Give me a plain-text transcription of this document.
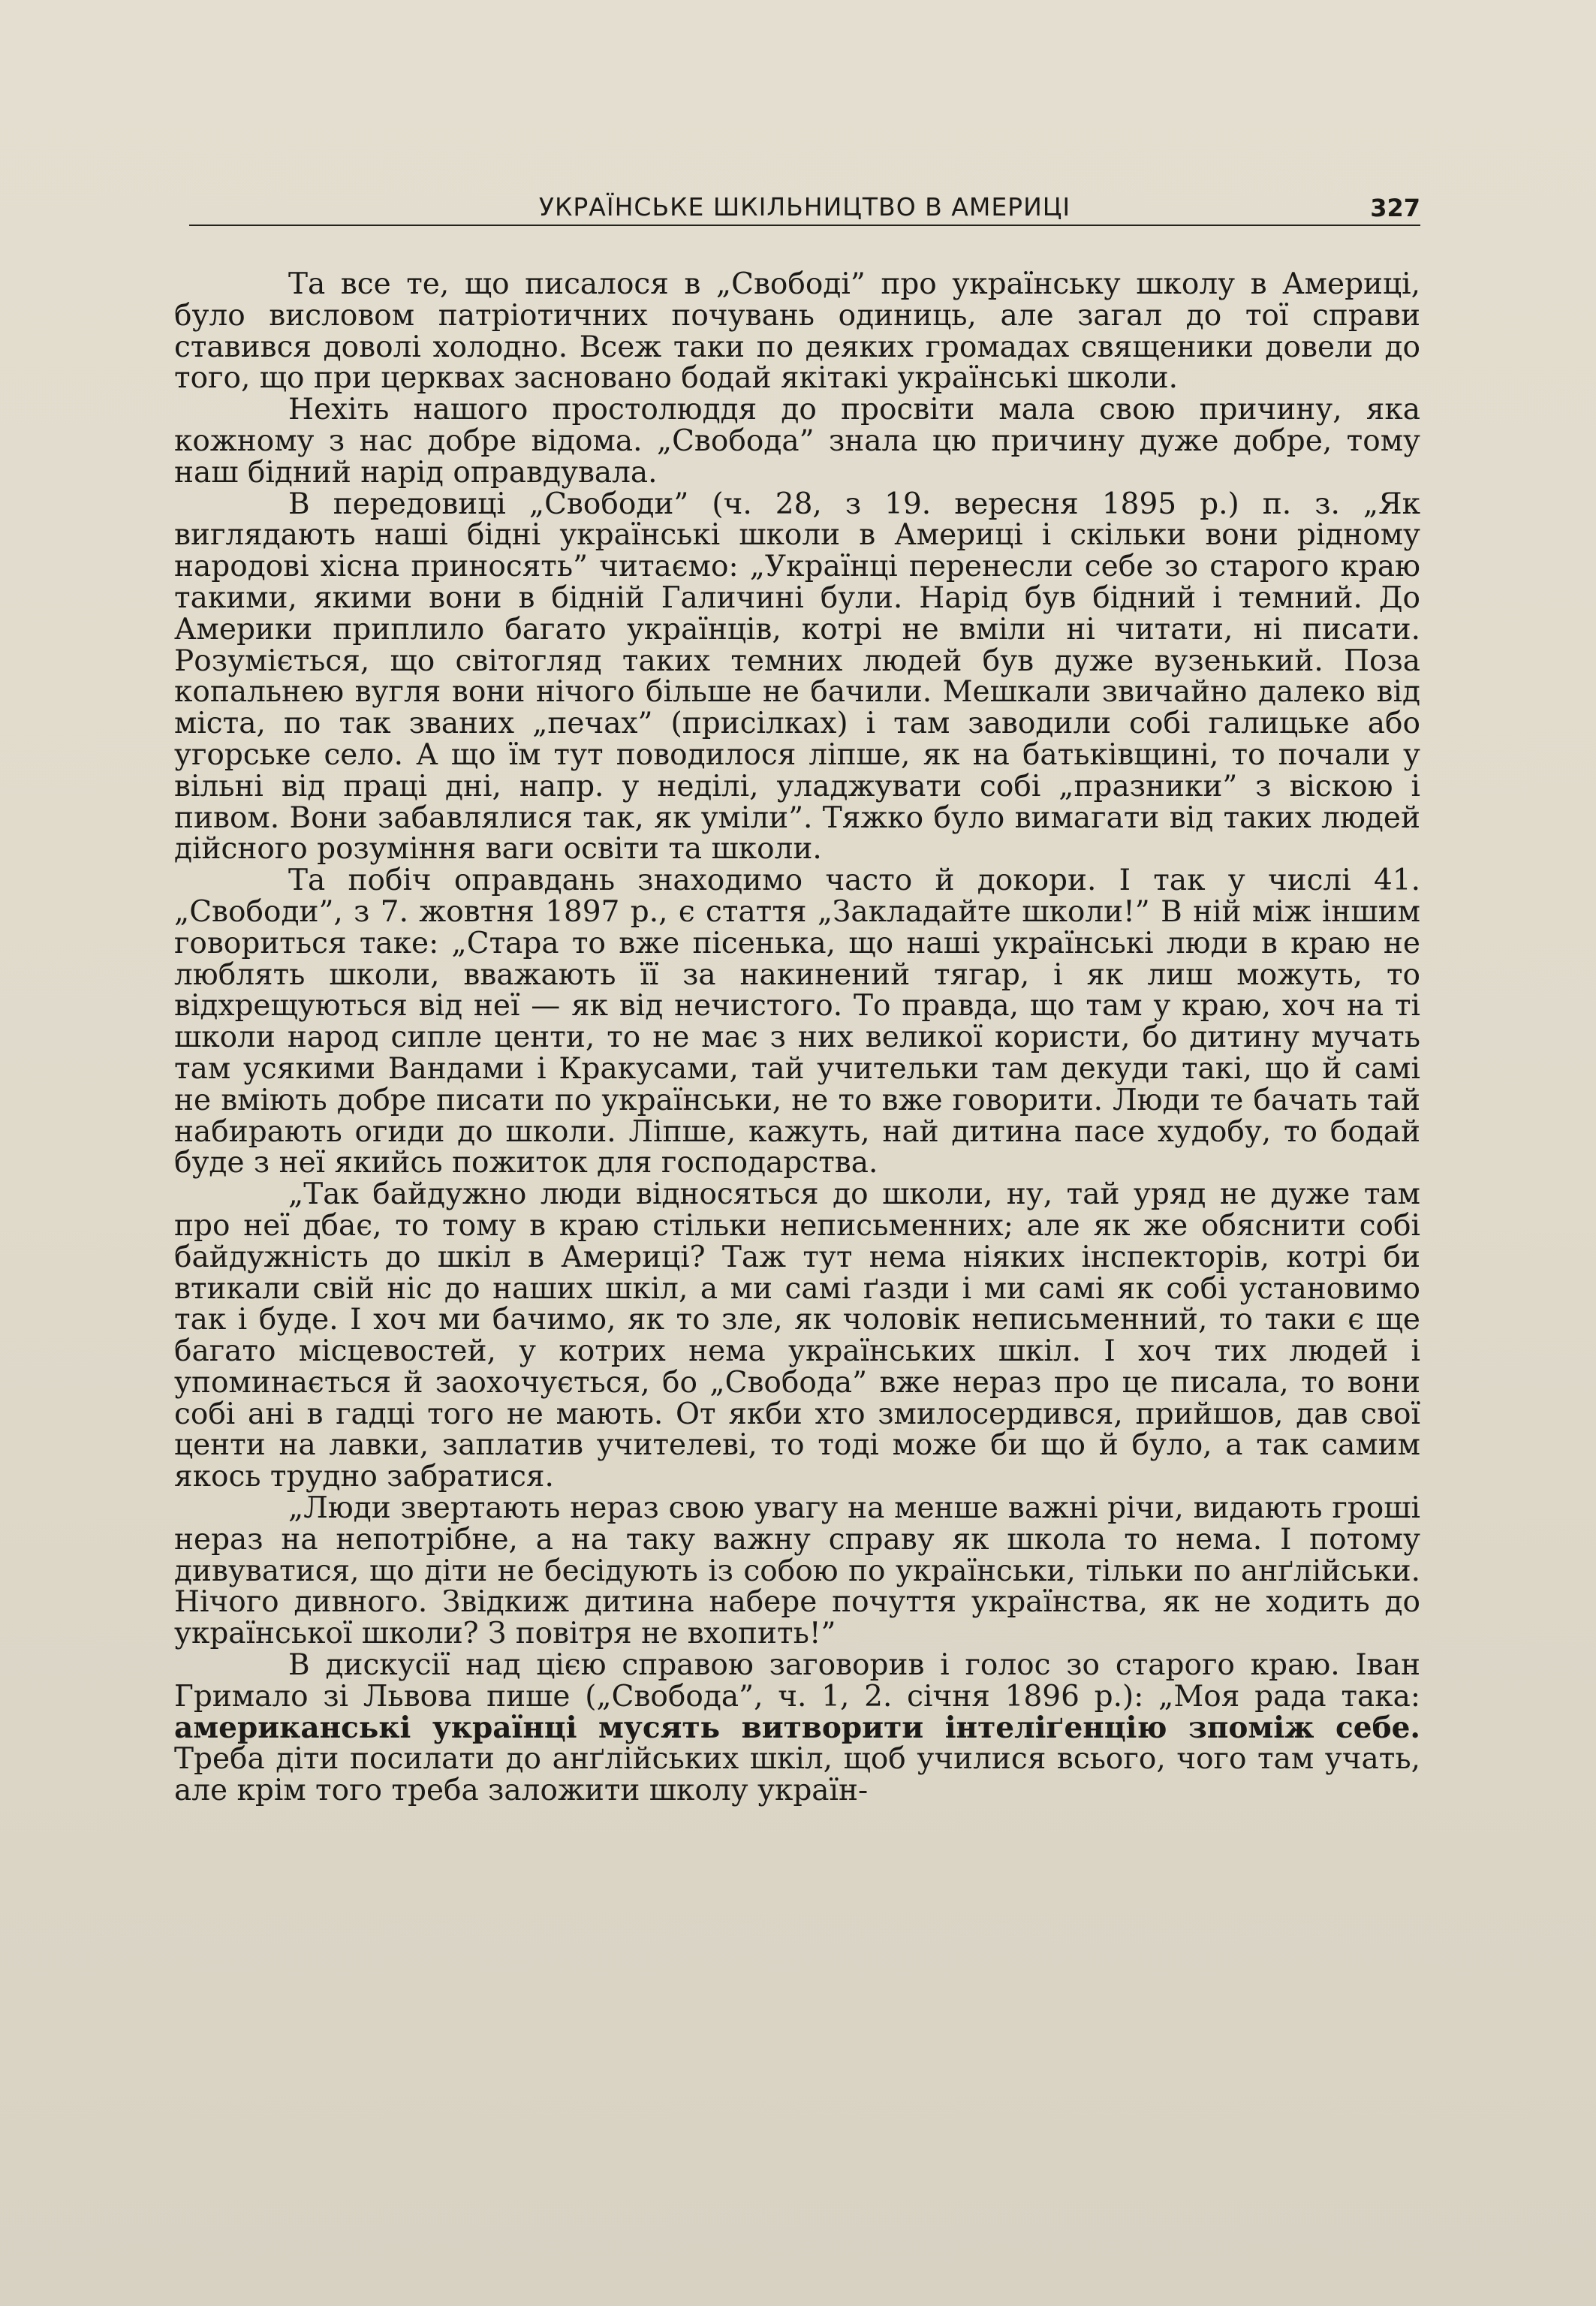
УКРАЇНСЬКЕ ШКІЛЬНИЦТВО В АМЕРИЦІ	327

Та все те, що писалося в „Свободі” про українську школу в Америці, було висловом патріотичних почувань одиниць, але загал до тої справи ставився доволі холодно. Всеж таки по деяких громадах священики довели до того, що при церквах засновано бодай якітакі українські школи.

Нехіть нашого простолюддя до просвіти мала свою причину, яка кожному з нас добре відома. „Свобода” знала цю причину дуже добре, тому наш бідний нарід оправдувала.

В передовиці „Свободи” (ч. 28, з 19. вересня 1895 р.) п. з. „Як виглядають наші бідні українські школи в Америці і скільки вони рідному народові хісна приносять” читаємо: „Українці перенесли себе зо старого краю такими, якими вони в бідній Галичині були. Нарід був бідний і темний. До Америки приплило багато українців, котрі не вміли ні читати, ні писати. Розуміється, що світогляд таких темних людей був дуже вузенький. Поза копальнею вугля вони нічого більше не бачили. Мешкали звичайно далеко від міста, по так званих „печах” (присілках) і там заводили собі галицьке або угорське село. А що їм тут поводилося ліпше, як на батьківщині, то почали у вільні від праці дні, напр. у неділі, уладжувати собі „празники” з віскою і пивом. Вони забавлялися так, як уміли”. Тяжко було вимагати від таких людей дійсного розуміння ваги освіти та школи.

Та побіч оправдань знаходимо часто й докори. І так у числі 41. „Свободи”, з 7. жовтня 1897 р., є стаття „Закладайте школи!” В ній між іншим говориться таке: „Стара то вже пісенька, що наші українські люди в краю не люблять школи, вважають її за накинений тягар, і як лиш можуть, то відхрещуються від неї — як від нечистого. То правда, що там у краю, хоч на ті школи народ сипле центи, то не має з них великої користи, бо дитину мучать там усякими Вандами і Кракусами, тай учительки там декуди такі, що й самі не вміють добре писати по українськи, не то вже говорити. Люди те бачать тай набирають огиди до школи. Ліпше, кажуть, най дитина пасе худобу, то бодай буде з неї якийсь пожиток для господарства.

„Так байдужно люди відносяться до школи, ну, тай уряд не дуже там про неї дбає, то тому в краю стільки неписьменних; але як же обяснити собі байдужність до шкіл в Америці? Таж тут нема ніяких інспекторів, котрі би втикали свій ніс до наших шкіл, а ми самі ґазди і ми самі як собі установимо так і буде. І хоч ми бачимо, як то зле, як чоловік неписьменний, то таки є ще багато місцевостей, у котрих нема українських шкіл. І хоч тих людей і упоминається й заохочується, бо „Свобода” вже нераз про це писала, то вони собі ані в гадці того не мають. От якби хто змилосердився, прийшов, дав свої центи на лавки, заплатив учителеві, то тоді може би що й було, а так самим якось трудно забратися.

„Люди звертають нераз свою увагу на менше важні річи, видають гроші нераз на непотрібне, а на таку важну справу як школа то нема. І потому дивуватися, що діти не бесідують із собою по українськи, тільки по анґлійськи. Нічого дивного. Звідкиж дитина набере почуття українства, як не ходить до української школи? З повітря не вхопить!”

В дискусії над цією справою заговорив і голос зо старого краю. Іван Гримало зі Львова пише („Свобода”, ч. 1, 2. січня 1896 р.): „Моя рада така: американські українці мусять витворити інтеліґенцію зпоміж себе. Треба діти посилати до анґлійських шкіл, щоб училися всього, чого там учать, але крім того треба заложити школу україн-
